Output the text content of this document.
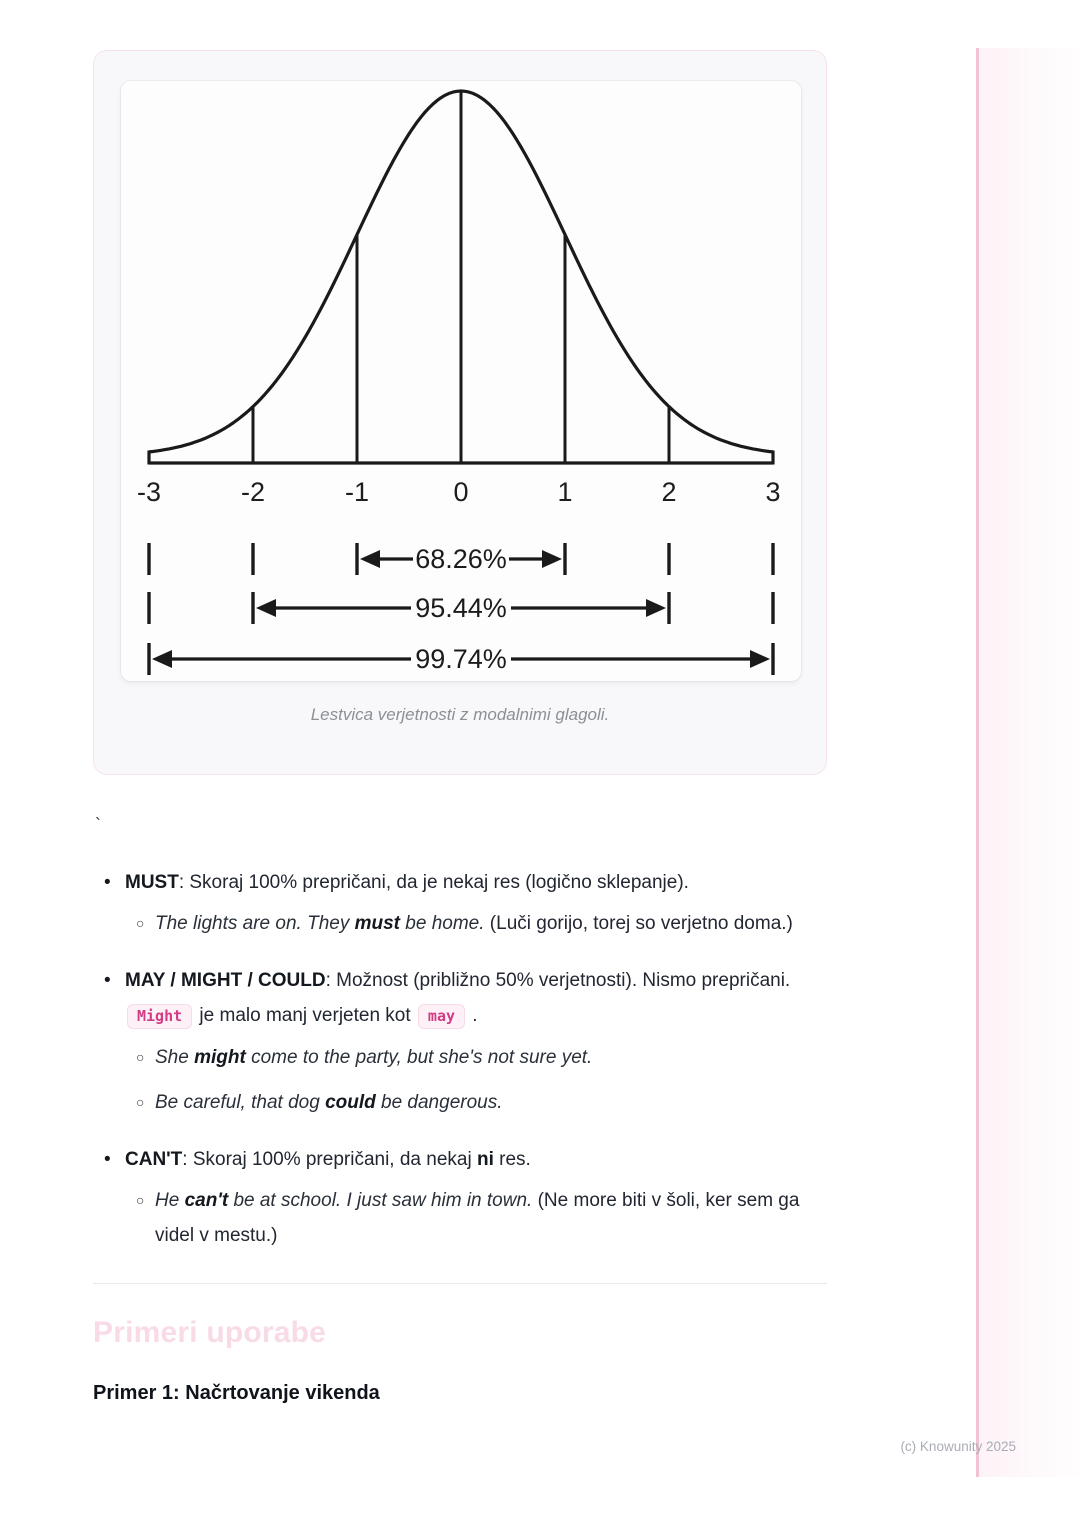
-3	-2	-1	0	1	2	3
68.26%
95.44%
99.74%
Lestvica verjetnosti z modalnimi glagoli.
`
• MUST: Skoraj 100% prepričani, da je nekaj res (logično sklepanje).
○ The lights are on. They must be home. (Luči gorijo, torej so verjetno doma.)
• MAY / MIGHT / COULD: Možnost (približno 50% verjetnosti). Nismo prepričani. Might je malo manj verjeten kot may .
○ She might come to the party, but she's not sure yet.
○ Be careful, that dog could be dangerous.
• CAN'T: Skoraj 100% prepričani, da nekaj ni res.
○ He can't be at school. I just saw him in town. (Ne more biti v šoli, ker sem ga videl v mestu.)
Primeri uporabe
Primer 1: Načrtovanje vikenda
(c) Knowunity 2025
